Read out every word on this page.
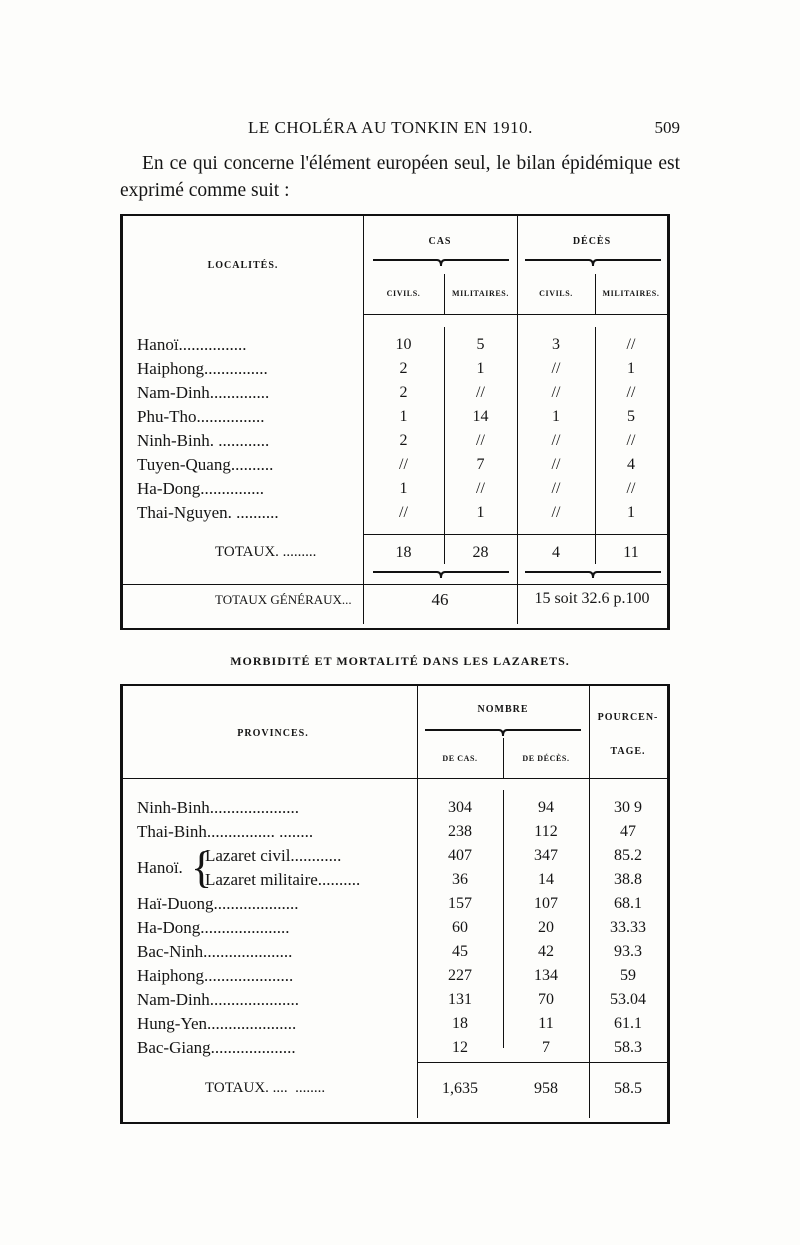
LE CHOLÉRA AU TONKIN EN 1910.	509
En ce qui concerne l'élément européen seul, le bilan épidémique est exprimé comme suit :
LOCALITÉS.
CAS	DÉCÈS
CIVILS.	MILITAIRES.	CIVILS.	MILITAIRES.
Hanoï................	10	5	3	//
Haiphong...............	2	1	//	1
Nam-Dinh..............	2	//	//	//
Phu-Tho................	1	14	1	5
Ninh-Binh. ............	2	//	//	//
Tuyen-Quang..........	//	7	//	4
Ha-Dong...............	1	//	//	//
Thai-Nguyen. ..........	//	1	//	1
TOTAUX. .........	18	28	4	11
TOTAUX GÉNÉRAUX...	46	15 soit 32.6 p.100
MORBIDITÉ ET MORTALITÉ DANS LES LAZARETS.
PROVINCES.
NOMBRE
DE CAS.	DE DÉCÈS.
POURCEN-
TAGE.
Ninh-Binh.....................	304	94	30 9
Thai-Binh................ ........	238	112	47
Hanoï. {
Lazaret civil............	407	347	85.2
Lazaret militaire..........	36	14	38.8
Haï-Duong....................	157	107	68.1
Ha-Dong.....................	60	20	33.33
Bac-Ninh.....................	45	42	93.3
Haiphong.....................	227	134	59
Nam-Dinh.....................	131	70	53.04
Hung-Yen.....................	18	11	61.1
Bac-Giang....................	12	7	58.3
TOTAUX. ....  ........	1,635	958	58.5
